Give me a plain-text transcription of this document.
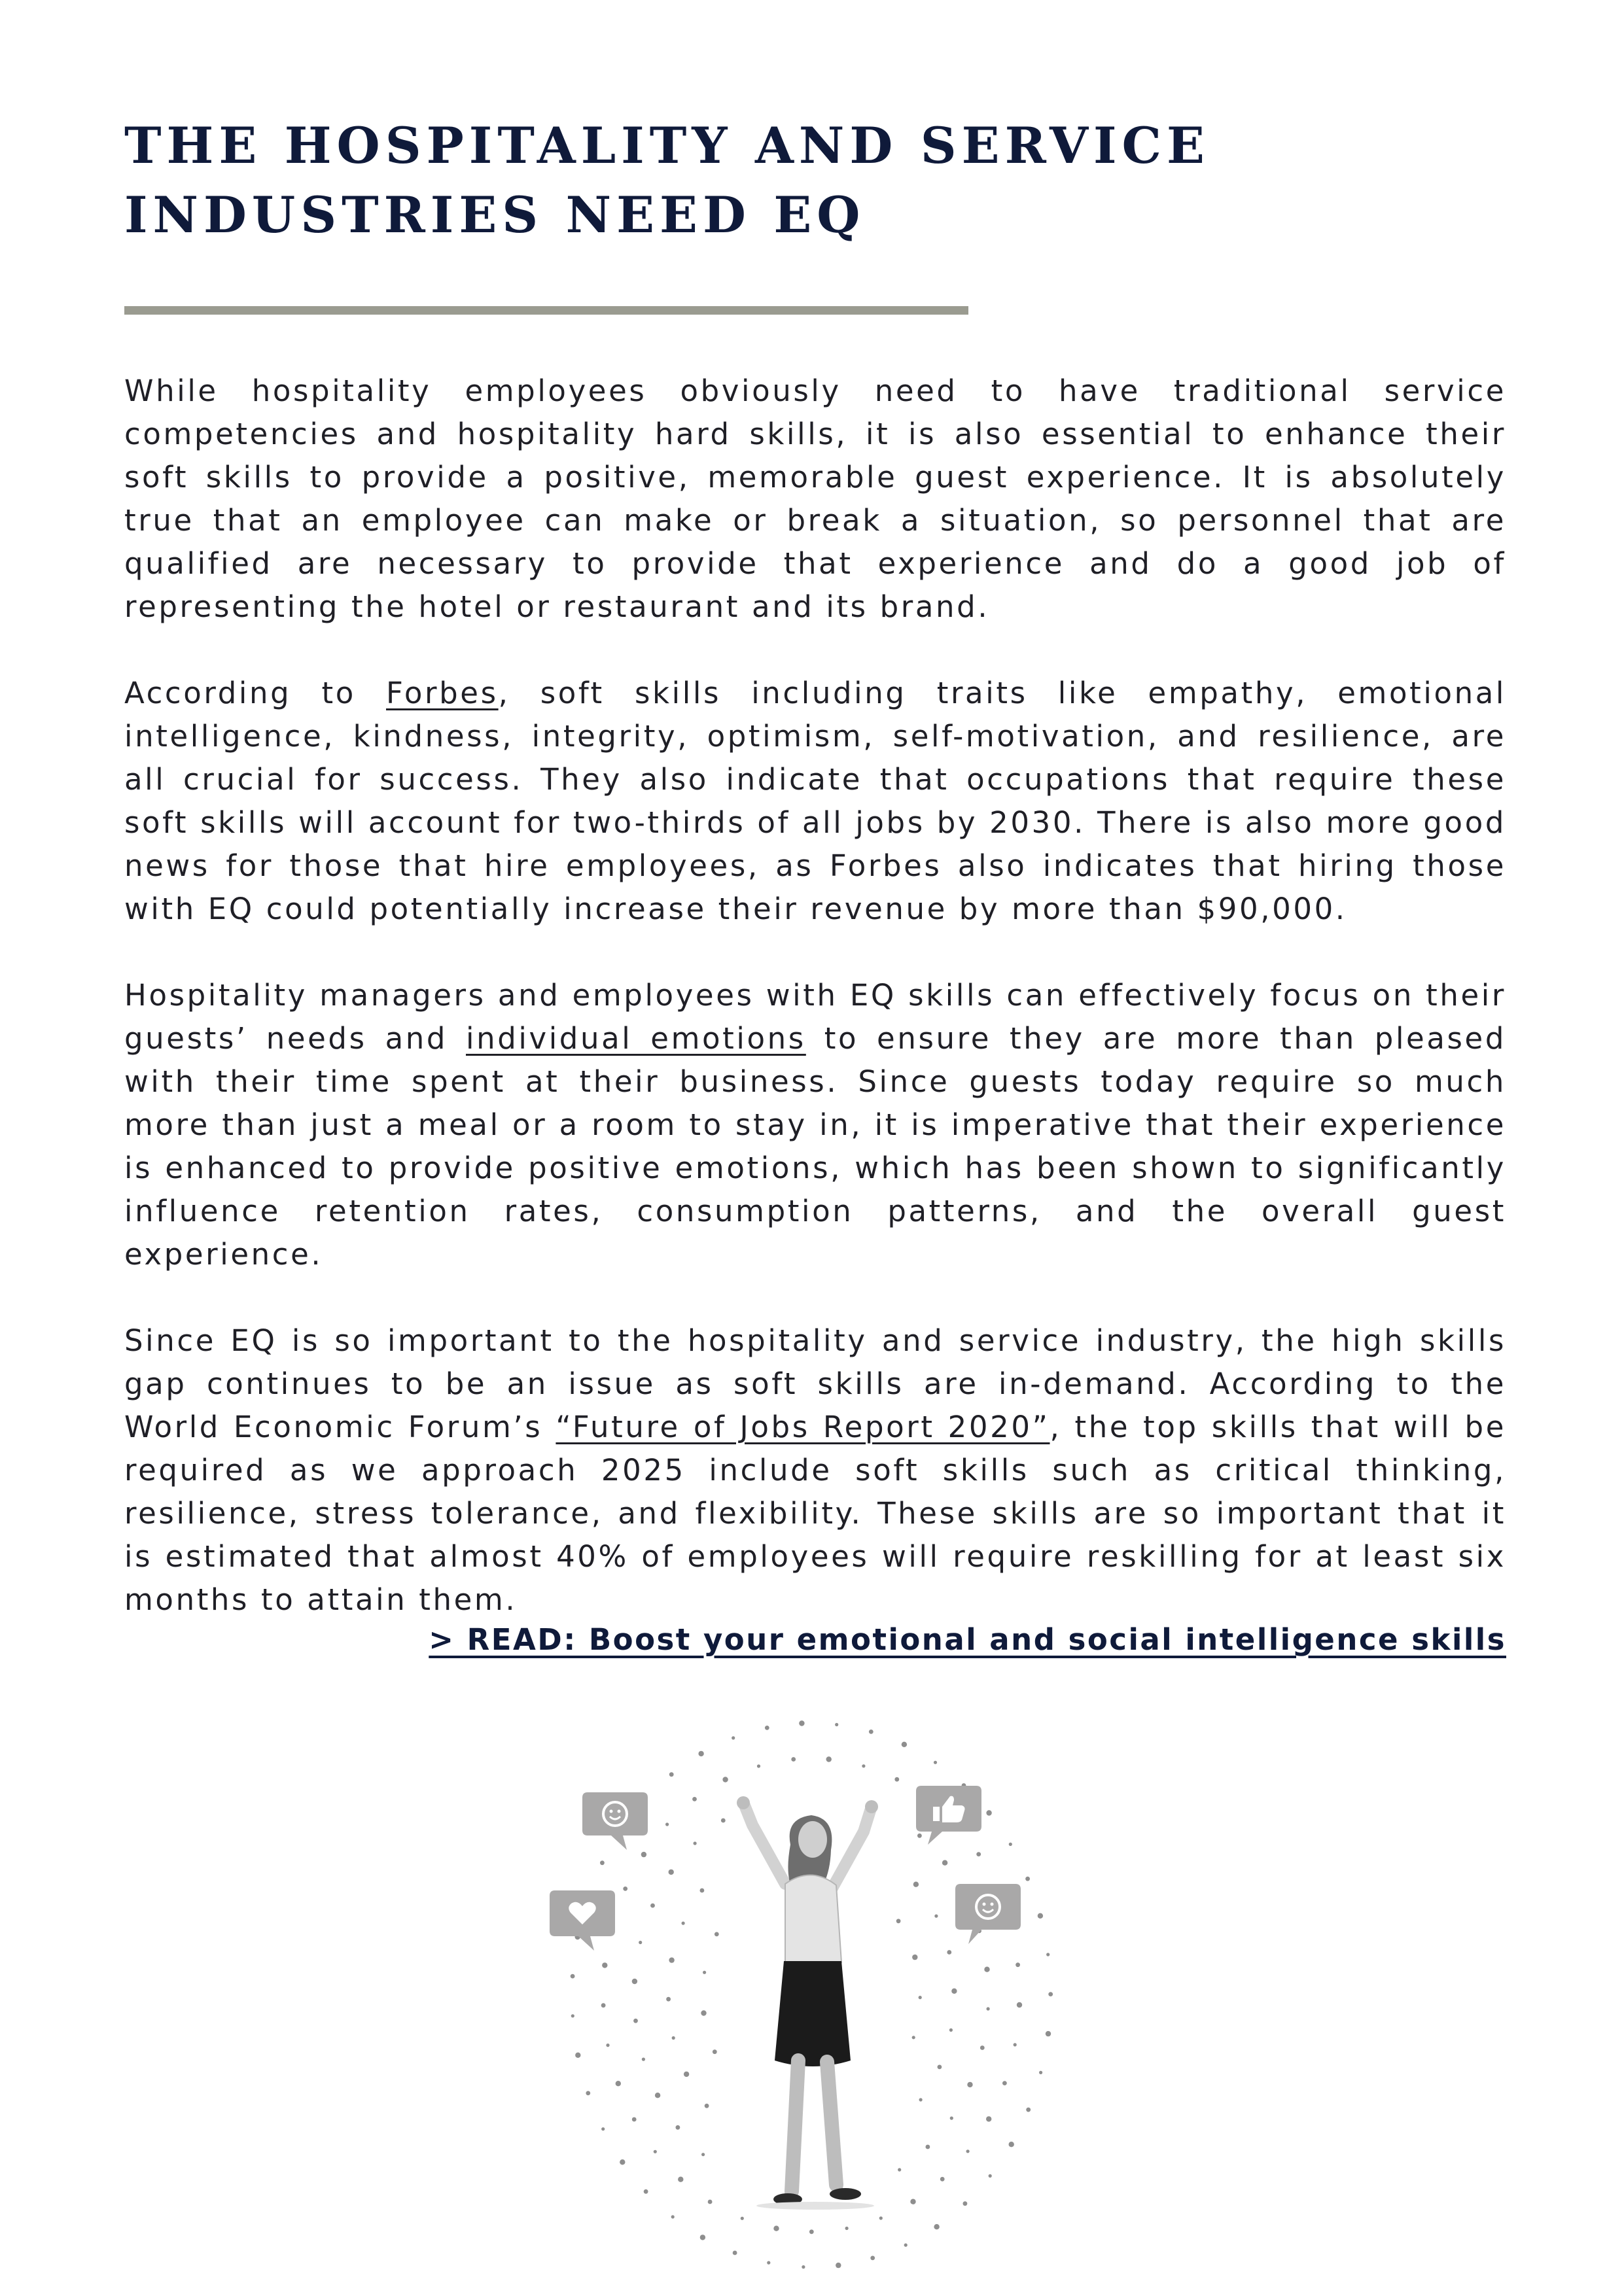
THE HOSPITALITY AND SERVICE
INDUSTRIES NEED EQ

While hospitality employees obviously need to have traditional service competencies and hospitality hard skills, it is also essential to enhance their soft skills to provide a positive, memorable guest experience. It is absolutely true that an employee can make or break a situation, so personnel that are qualified are necessary to provide that experience and do a good job of representing the hotel or restaurant and its brand.

According to Forbes, soft skills including traits like empathy, emotional intelligence, kindness, integrity, optimism, self-motivation, and resilience, are all crucial for success. They also indicate that occupations that require these soft skills will account for two-thirds of all jobs by 2030. There is also more good news for those that hire employees, as Forbes also indicates that hiring those with EQ could potentially increase their revenue by more than $90,000.

Hospitality managers and employees with EQ skills can effectively focus on their guests’ needs and individual emotions to ensure they are more than pleased with their time spent at their business. Since guests today require so much more than just a meal or a room to stay in, it is imperative that their experience is enhanced to provide positive emotions, which has been shown to significantly influence retention rates, consumption patterns, and the overall guest experience.

Since EQ is so important to the hospitality and service industry, the high skills gap continues to be an issue as soft skills are in-demand. According to the World Economic Forum’s “Future of Jobs Report 2020”, the top skills that will be required as we approach 2025 include soft skills such as critical thinking, resilience, stress tolerance, and flexibility. These skills are so important that it is estimated that almost 40% of employees will require reskilling for at least six months to attain them.

> READ: Boost your emotional and social intelligence skills
